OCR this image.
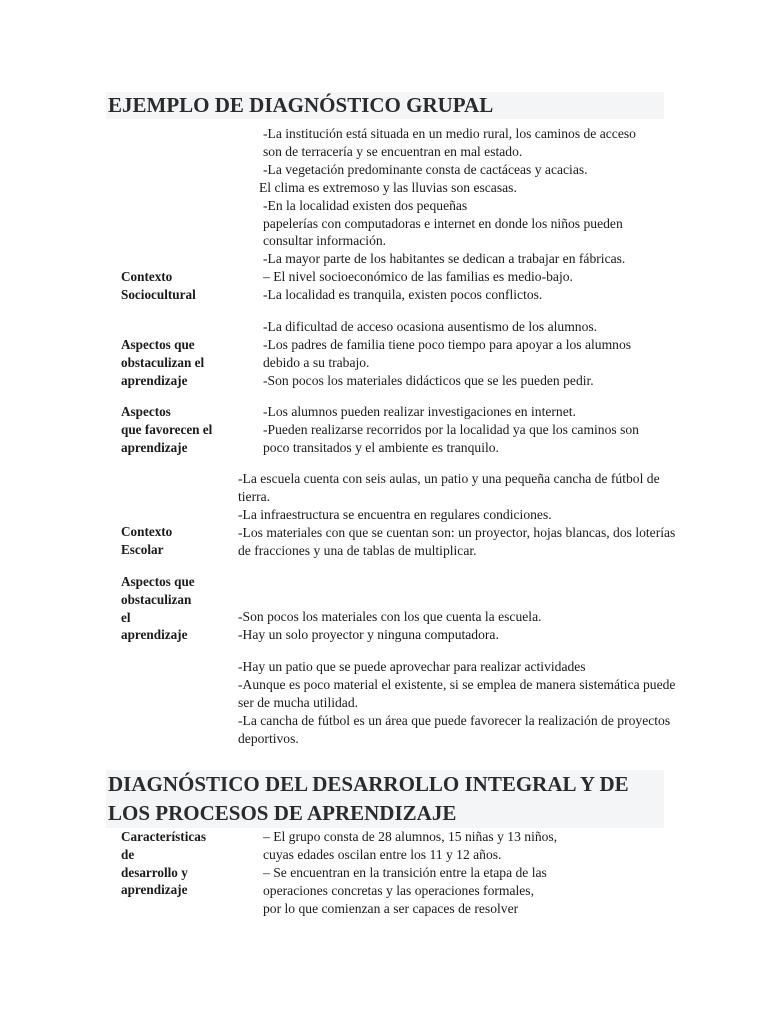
EJEMPLO DE DIAGNÓSTICO GRUPAL
-La institución está situada en un medio rural, los caminos de acceso
son de terracería y se encuentran en mal estado.
-La vegetación predominante consta de cactáceas y acacias.
El clima es extremoso y las lluvias son escasas.
-En la localidad existen dos pequeñas
papelerías con computadoras e internet en donde los niños pueden
consultar información.
-La mayor parte de los habitantes se dedican a trabajar en fábricas.
– El nivel socioeconómico de las familias es medio-bajo.
-La localidad es tranquila, existen pocos conflictos.
Contexto
Sociocultural
-La dificultad de acceso ocasiona ausentismo de los alumnos.
-Los padres de familia tiene poco tiempo para apoyar a los alumnos
debido a su trabajo.
-Son pocos los materiales didácticos que se les pueden pedir.
Aspectos que
obstaculizan el
aprendizaje
-Los alumnos pueden realizar investigaciones en internet.
-Pueden realizarse recorridos por la localidad ya que los caminos son
poco transitados y el ambiente es tranquilo.
Aspectos
que favorecen el
aprendizaje
-La escuela cuenta con seis aulas, un patio y una pequeña cancha de fútbol de
tierra.
-La infraestructura se encuentra en regulares condiciones.
-Los materiales con que se cuentan son: un proyector, hojas blancas, dos loterías
de fracciones y una de tablas de multiplicar.
Contexto
Escolar
Aspectos que
obstaculizan
el
aprendizaje
-Son pocos los materiales con los que cuenta la escuela.
-Hay un solo proyector y ninguna computadora.
-Hay un patio que se puede aprovechar para realizar actividades
-Aunque es poco material el existente, si se emplea de manera sistemática puede
ser de mucha utilidad.
-La cancha de fútbol es un área que puede favorecer la realización de proyectos
deportivos.
DIAGNÓSTICO DEL DESARROLLO INTEGRAL Y DE
LOS PROCESOS DE APRENDIZAJE
Características
de
desarrollo y
aprendizaje
– El grupo consta de 28 alumnos, 15 niñas y 13 niños,
cuyas edades oscilan entre los 11 y 12 años.
– Se encuentran en la transición entre la etapa de las
operaciones concretas y las operaciones formales,
por lo que comienzan a ser capaces de resolver
